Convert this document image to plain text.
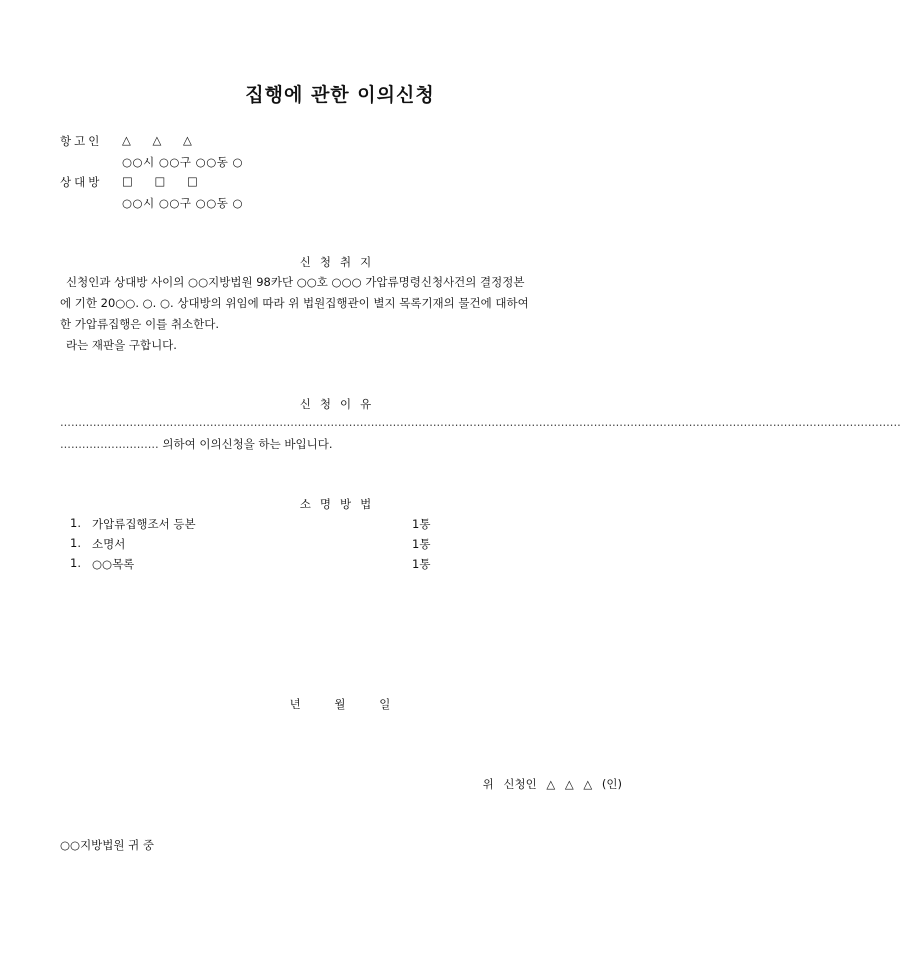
집행에 관한 이의신청
항고인 △ △ △
○○시 ○○구 ○○동 ○
상대방 □ □ □
○○시 ○○구 ○○동 ○
신청취지
신청인과 상대방 사이의 ○○지방법원 98카단 ○○호 ○○○ 가압류명령신청사건의 결정정본
에 기한 20○○. ○. ○. 상대방의 위임에 따라 위 법원집행관이 별지 목록기재의 물건에 대하여
한 가압류집행은 이를 취소한다.
라는 재판을 구합니다.
신청이유
......................................................................................................................................................................................................................................
........................... 의하여 이의신청을 하는 바입니다.
소명방법
1. 가압류집행조서 등본	1통
1. 소명서	1통
1. ○○목록	1통
년 월 일
위 신청인 △ △ △ (인)
○○지방법원 귀 중
